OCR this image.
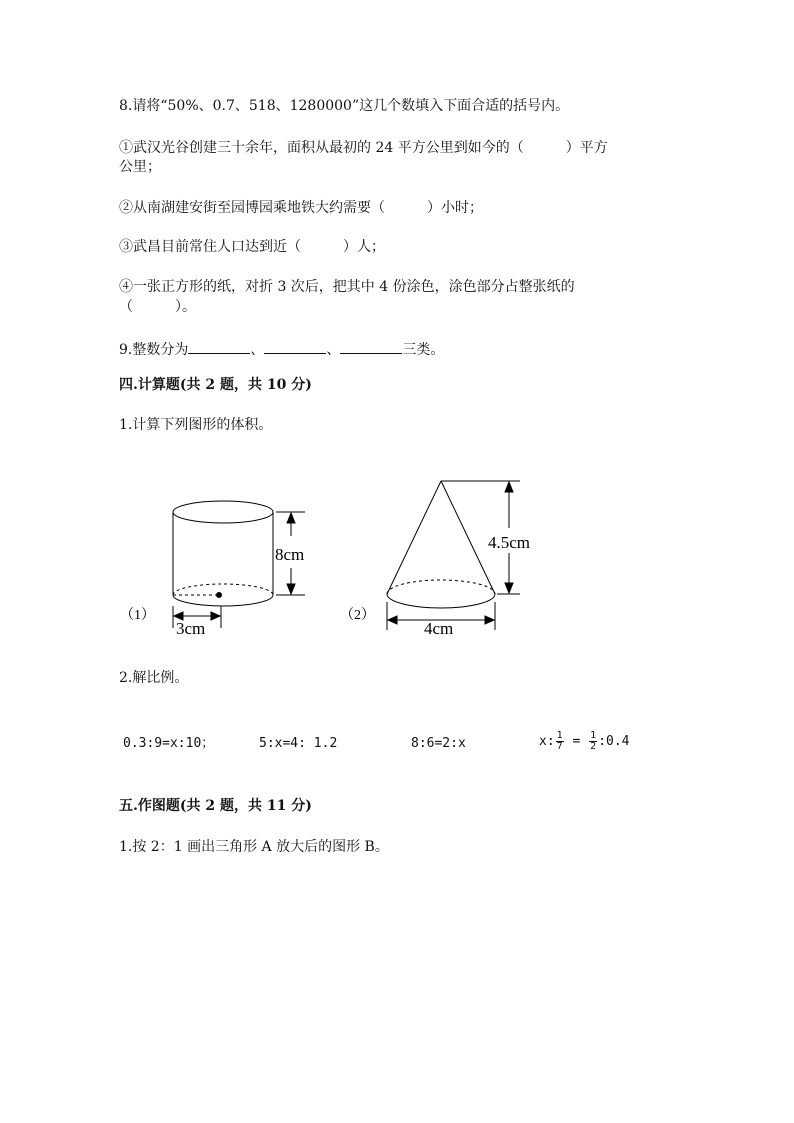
8.请将“50%、0.7、518、1280000”这几个数填入下面合适的括号内。
①武汉光谷创建三十余年，面积从最初的 24 平方公里到如今的（　　　）平方
公里；
②从南湖建安街至园博园乘地铁大约需要（　　　）小时；
③武昌目前常住人口达到近（　　　）人；
④一张正方形的纸，对折 3 次后，把其中 4 份涂色，涂色部分占整张纸的
（　　　）。
9.整数分为	、	、	三类。
四.计算题(共 2 题，共 10 分)
1.计算下列图形的体积。
8cm
3cm
（1）
4.5cm
4cm
（2）
2.解比例。
0.3:9=x:10；	5:x=4: 1.2	8:6=2:x	x: $\frac{1}{7} = \frac{1}{2}$ :0.4
五.作图题(共 2 题，共 11 分)
1.按 2：1 画出三角形 A 放大后的图形 B。
